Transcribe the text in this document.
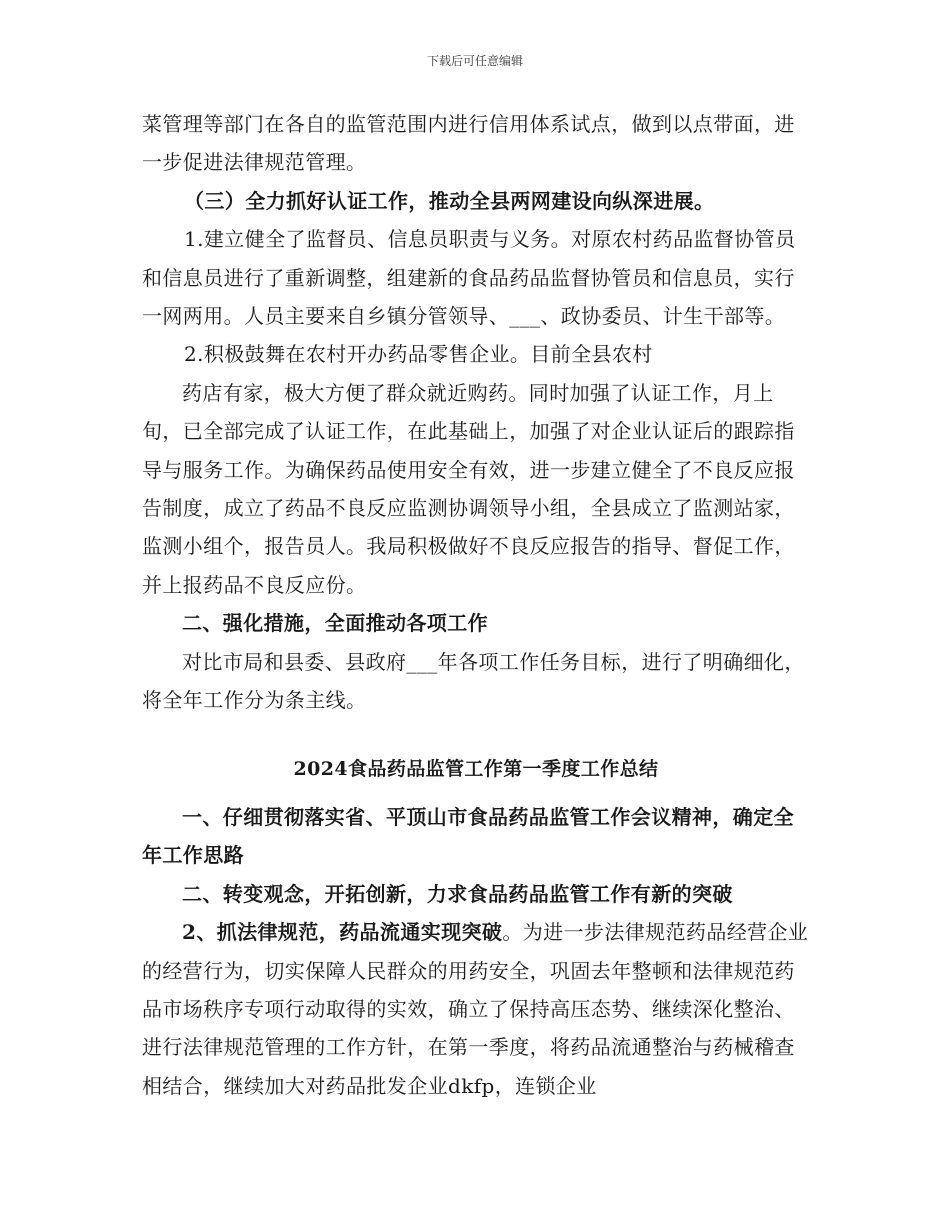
下载后可任意编辑

菜管理等部门在各自的监管范围内进行信用体系试点，做到以点带面，进一步促进法律规范管理。

（三）全力抓好认证工作，推动全县两网建设向纵深进展。

1.建立健全了监督员、信息员职责与义务。对原农村药品监督协管员和信息员进行了重新调整，组建新的食品药品监督协管员和信息员，实行一网两用。人员主要来自乡镇分管领导、___、政协委员、计生干部等。

2.积极鼓舞在农村开办药品零售企业。目前全县农村

药店有家，极大方便了群众就近购药。同时加强了认证工作，月上旬，已全部完成了认证工作，在此基础上，加强了对企业认证后的跟踪指导与服务工作。为确保药品使用安全有效，进一步建立健全了不良反应报告制度，成立了药品不良反应监测协调领导小组，全县成立了监测站家，监测小组个，报告员人。我局积极做好不良反应报告的指导、督促工作，并上报药品不良反应份。

二、强化措施，全面推动各项工作

对比市局和县委、县政府___年各项工作任务目标，进行了明确细化，将全年工作分为条主线。

2024食品药品监管工作第一季度工作总结

一、仔细贯彻落实省、平顶山市食品药品监管工作会议精神，确定全年工作思路

二、转变观念，开拓创新，力求食品药品监管工作有新的突破

2、抓法律规范，药品流通实现突破。为进一步法律规范药品经营企业的经营行为，切实保障人民群众的用药安全，巩固去年整顿和法律规范药品市场秩序专项行动取得的实效，确立了保持高压态势、继续深化整治、进行法律规范管理的工作方针，在第一季度，将药品流通整治与药械稽查相结合，继续加大对药品批发企业dkfp，连锁企业
